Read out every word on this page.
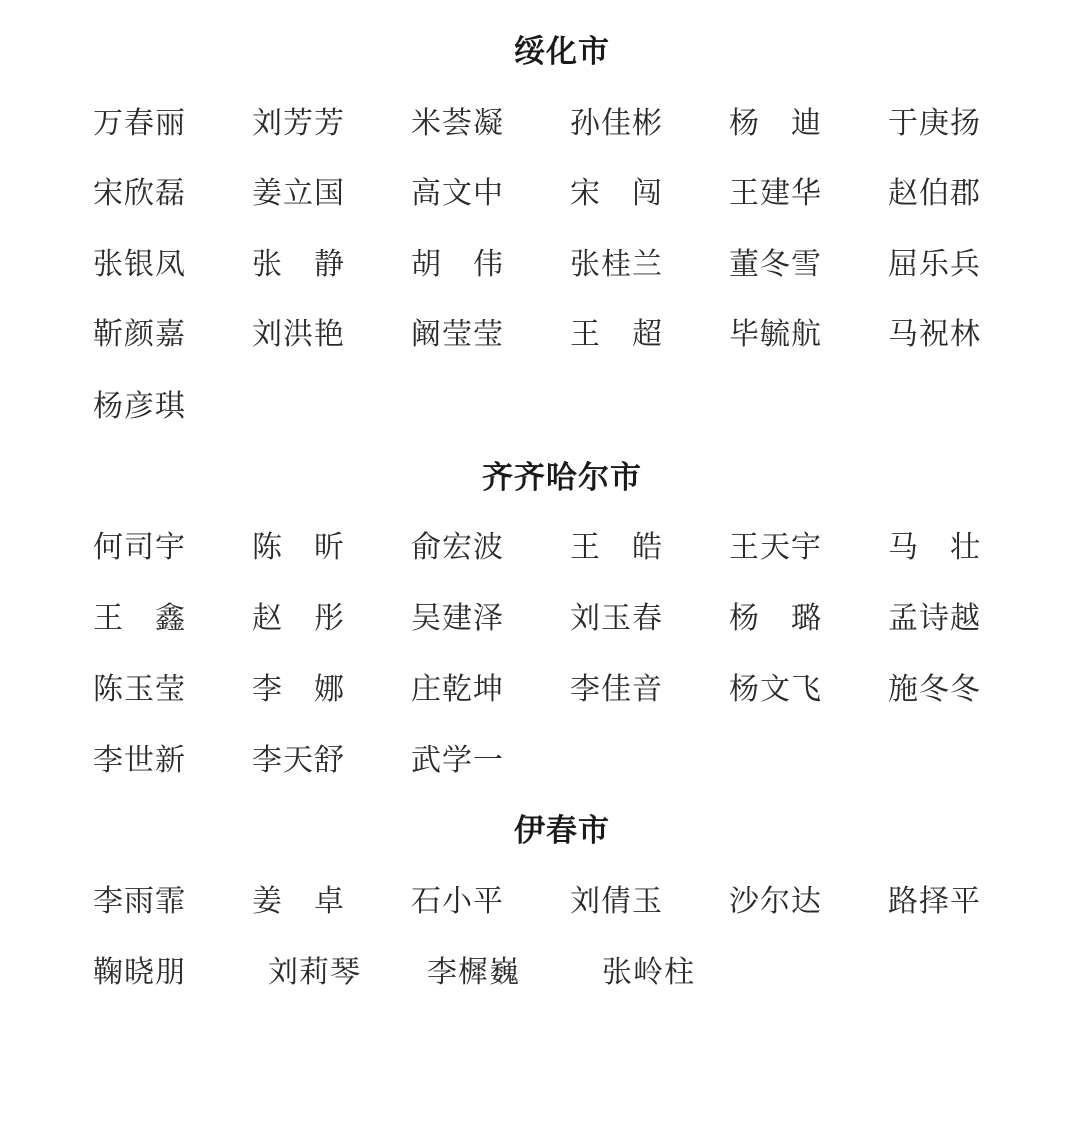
绥化市
万春丽 刘芳芳 米荟凝 孙佳彬 杨　迪 于庚扬
宋欣磊 姜立国 高文中 宋　闯 王建华 赵伯郡
张银凤 张　静 胡　伟 张桂兰 董冬雪 屈乐兵
靳颜嘉 刘洪艳 阚莹莹 王　超 毕毓航 马祝林
杨彦琪
齐齐哈尔市
何司宇 陈　昕 俞宏波 王　皓 王天宇 马　壮
王　鑫 赵　彤 吴建泽 刘玉春 杨　璐 孟诗越
陈玉莹 李　娜 庄乾坤 李佳音 杨文飞 施冬冬
李世新 李天舒 武学一
伊春市
李雨霏 姜　卓 石小平 刘倩玉 沙尔达 路择平
鞠晓朋	刘莉琴 李樨巍	张岭柱
